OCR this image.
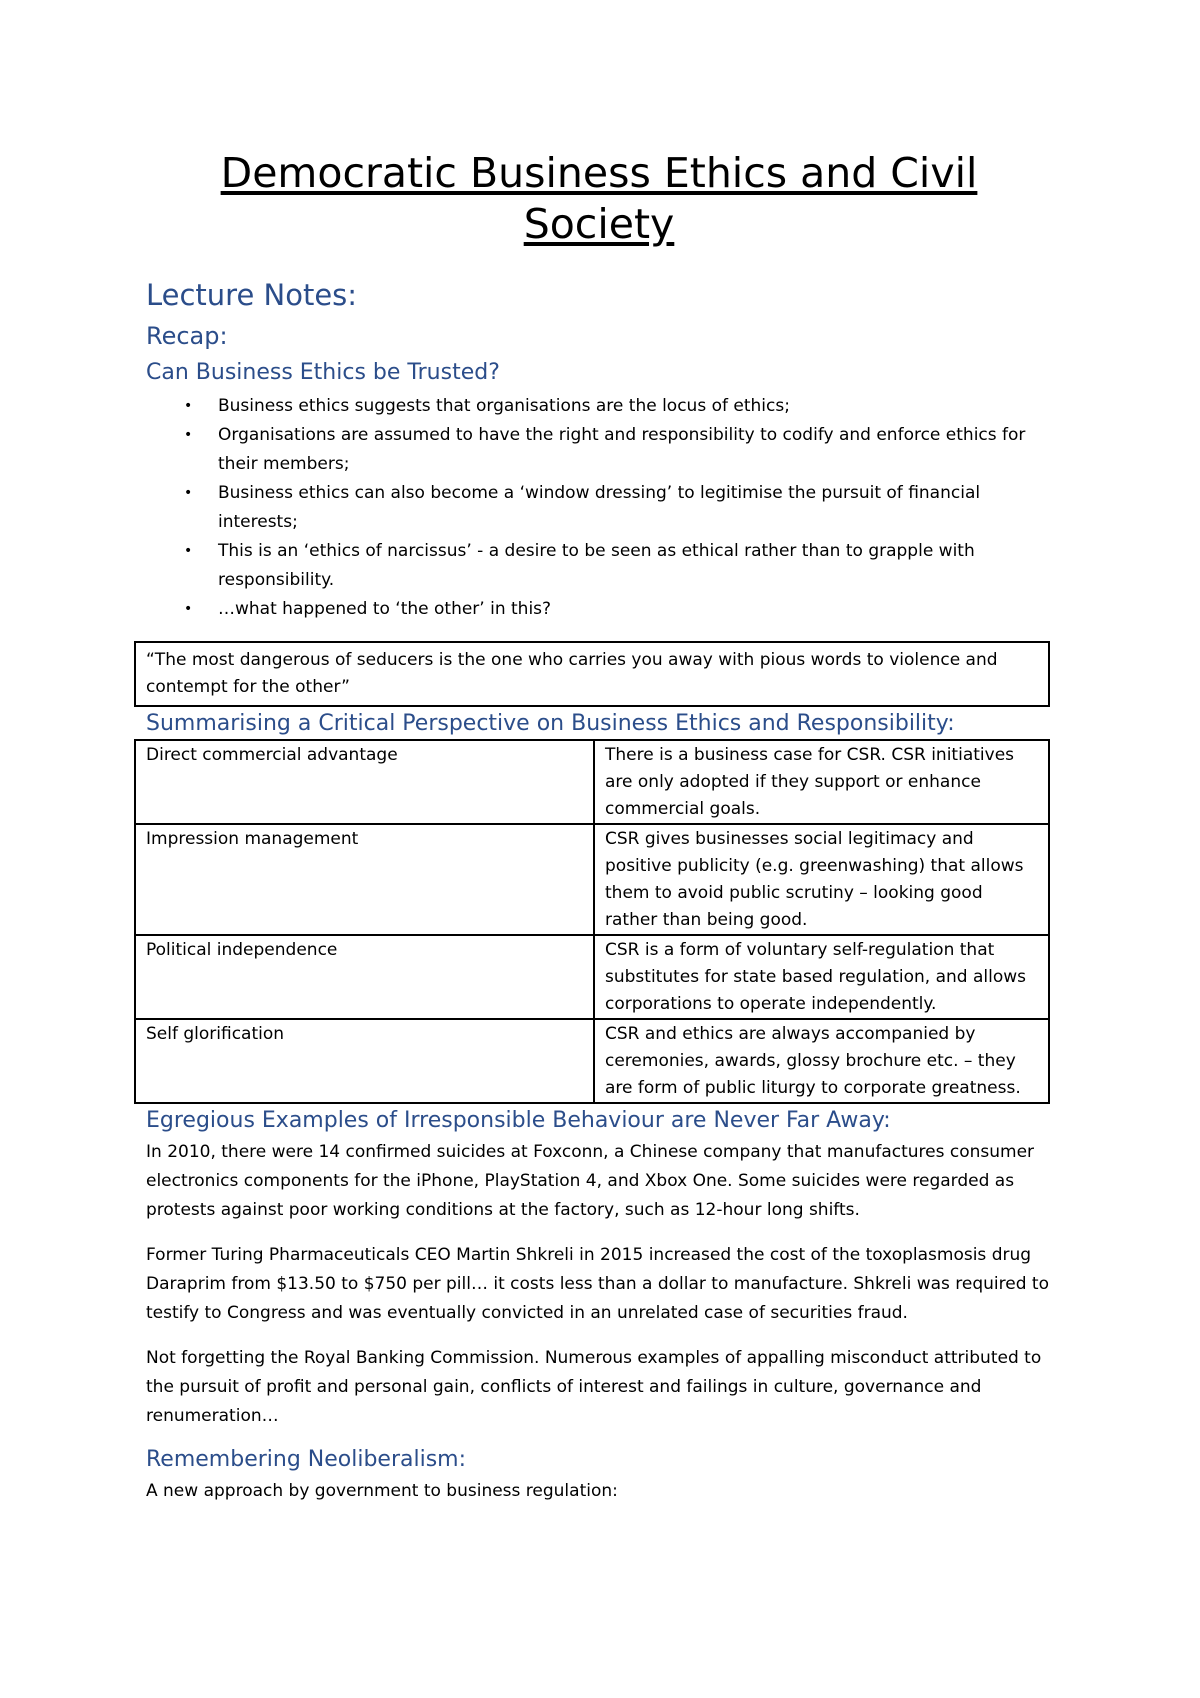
Democratic Business Ethics and Civil Society
Lecture Notes:
Recap:
Can Business Ethics be Trusted?
• Business ethics suggests that organisations are the locus of ethics;
• Organisations are assumed to have the right and responsibility to codify and enforce ethics for their members;
• Business ethics can also become a ‘window dressing’ to legitimise the pursuit of financial interests;
• This is an ‘ethics of narcissus’ - a desire to be seen as ethical rather than to grapple with responsibility.
• …what happened to ‘the other’ in this?
“The most dangerous of seducers is the one who carries you away with pious words to violence and contempt for the other”
Summarising a Critical Perspective on Business Ethics and Responsibility:
Direct commercial advantage	There is a business case for CSR. CSR initiatives are only adopted if they support or enhance commercial goals.
Impression management	CSR gives businesses social legitimacy and positive publicity (e.g. greenwashing) that allows them to avoid public scrutiny – looking good rather than being good.
Political independence	CSR is a form of voluntary self-regulation that substitutes for state based regulation, and allows corporations to operate independently.
Self glorification	CSR and ethics are always accompanied by ceremonies, awards, glossy brochure etc. – they are form of public liturgy to corporate greatness.
Egregious Examples of Irresponsible Behaviour are Never Far Away:

In 2010, there were 14 confirmed suicides at Foxconn, a Chinese company that manufactures consumer electronics components for the iPhone, PlayStation 4, and Xbox One. Some suicides were regarded as protests against poor working conditions at the factory, such as 12-hour long shifts.

Former Turing Pharmaceuticals CEO Martin Shkreli in 2015 increased the cost of the toxoplasmosis drug Daraprim from $13.50 to $750 per pill… it costs less than a dollar to manufacture. Shkreli was required to testify to Congress and was eventually convicted in an unrelated case of securities fraud.

Not forgetting the Royal Banking Commission. Numerous examples of appalling misconduct attributed to the pursuit of profit and personal gain, conflicts of interest and failings in culture, governance and renumeration…

Remembering Neoliberalism:

A new approach by government to business regulation:
